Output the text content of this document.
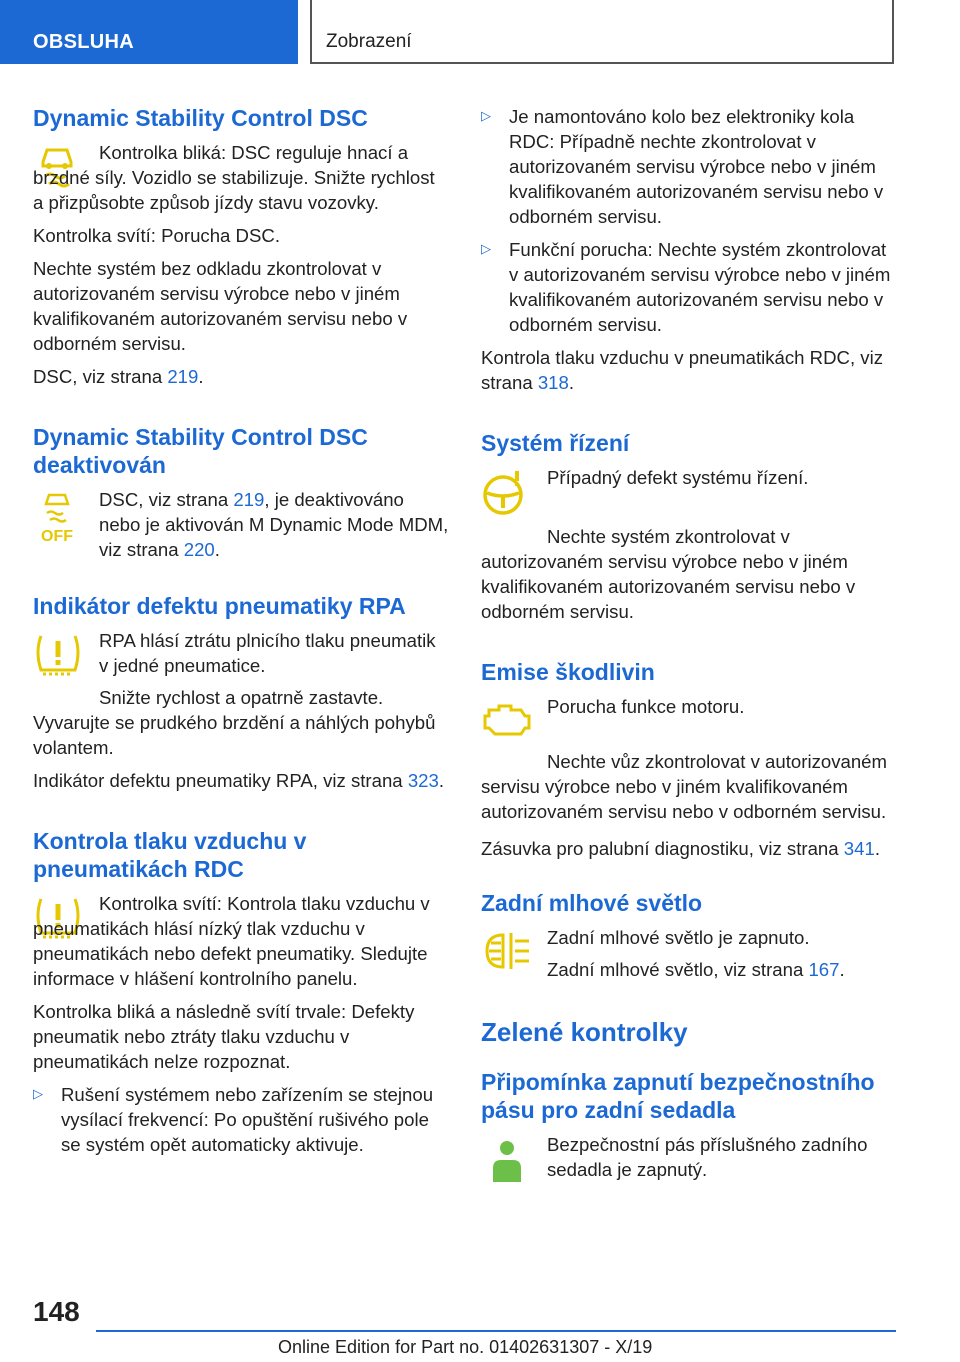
OBSLUHA	Zobrazení
Dynamic Stability Control DSC

Kontrolka bliká: DSC reguluje hnací a brzdné síly. Vozidlo se stabilizuje. Snižte rychlost a přizpůsobte způsob jízdy stavu vozovky.

Kontrolka svítí: Porucha DSC.

Nechte systém bez odkladu zkontrolovat v autorizovaném servisu výrobce nebo v jiném kvalifikovaném autorizovaném servisu nebo v odborném servisu.

DSC, viz strana 219.

Dynamic Stability Control DSC deaktivován
OFF

DSC, viz strana 219, je deaktivováno nebo je aktivován M Dynamic Mode MDM, viz strana 220.

Indikátor defektu pneumatiky RPA

RPA hlásí ztrátu plnicího tlaku pneumatik v jedné pneumatice.

Snižte rychlost a opatrně zastavte. Vyvarujte se prudkého brzdění a náhlých pohybů volantem.

Indikátor defektu pneumatiky RPA, viz strana 323.

Kontrola tlaku vzduchu v pneumatikách RDC

Kontrolka svítí: Kontrola tlaku vzduchu v pneumatikách hlásí nízký tlak vzduchu v pneumatikách nebo defekt pneumatiky. Sledujte informace v hlášení kontrolního panelu.

Kontrolka bliká a následně svítí trvale: Defekty pneumatik nebo ztráty tlaku vzduchu v pneumatikách nelze rozpoznat.

▷ Rušení systémem nebo zařízením se stejnou vysílací frekvencí: Po opuštění rušivého pole se systém opět automaticky aktivuje.

▷ Je namontováno kolo bez elektroniky kola RDC: Případně nechte zkontrolovat v autorizovaném servisu výrobce nebo v jiném kvalifikovaném autorizovaném servisu nebo v odborném servisu.

▷ Funkční porucha: Nechte systém zkontrolovat v autorizovaném servisu výrobce nebo v jiném kvalifikovaném autorizovaném servisu nebo v odborném servisu.

Kontrola tlaku vzduchu v pneumatikách RDC, viz strana 318.

Systém řízení

Případný defekt systému řízení.

Nechte systém zkontrolovat v autorizovaném servisu výrobce nebo v jiném kvalifikovaném autorizovaném servisu nebo v odborném servisu.

Emise škodlivin

Porucha funkce motoru.

Nechte vůz zkontrolovat v autorizovaném servisu výrobce nebo v jiném kvalifikovaném autorizovaném servisu nebo v odborném servisu.

Zásuvka pro palubní diagnostiku, viz strana 341.

Zadní mlhové světlo

Zadní mlhové světlo je zapnuto.

Zadní mlhové světlo, viz strana 167.

Zelené kontrolky
Připomínka zapnutí bezpečnostního pásu pro zadní sedadla

Bezpečnostní pás příslušného zadního sedadla je zapnutý.

148
Online Edition for Part no. 01402631307 - X/19
